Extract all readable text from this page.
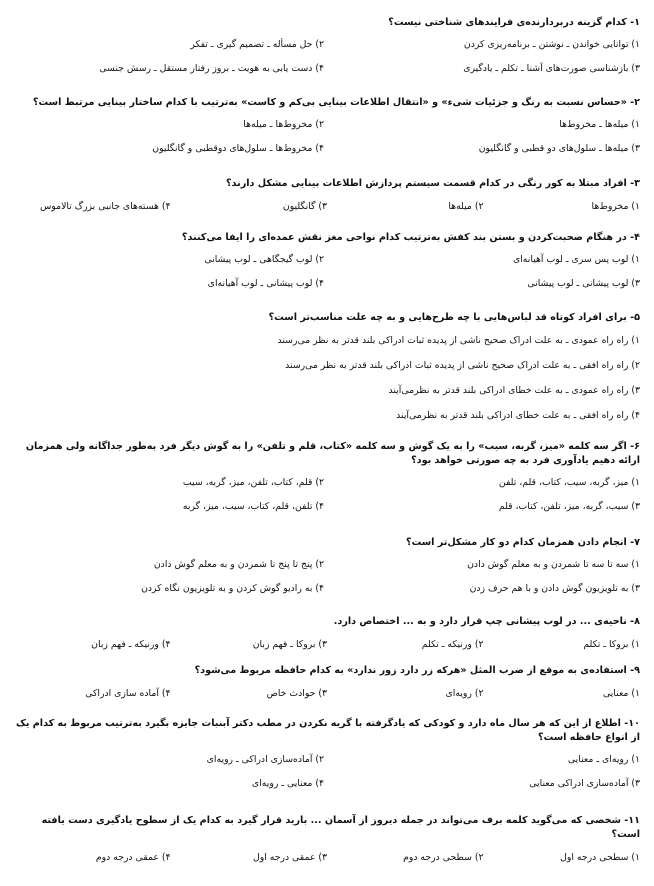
۱- کدام گزینه دربردارنده‌ی فرایندهای شناختی نیست؟

۱) توانایی خواندن ـ نوشتن ـ برنامه‌ریزی کردن
۲) حل مسأله ـ تصمیم گیری ـ تفکر
۳) بازشناسی صورت‌های آشنا ـ تکلم ـ یادگیری
۴) دست یابی به هویت ـ بروز رفتار مستقل ـ رسش جنسی

۲- «حساس نسبت به رنگ و جزئیات شیء» و «انتقال اطلاعات بینایی بی‌کم و کاست» به‌ترتیب با کدام ساختار بینایی مرتبط است؟

۱) میله‌ها ـ مخروط‌ها
۲) مخروط‌ها ـ میله‌ها
۳) میله‌ها ـ سلول‌های دو قطبی و گانگلیون
۴) مخروط‌ها ـ سلول‌های دوقطبی و گانگلیون

۳- افراد مبتلا به کور رنگی در کدام قسمت سیستم پردازش اطلاعات بینایی مشکل دارند؟

۱) مخروط‌ها
۲) میله‌ها
۳) گانگلیون
۴) هسته‌های جانبی بزرگ تالاموس

۴- در هنگام صحبت‌کردن و بستن بند کفش به‌ترتیب کدام نواحی مغز نقش عمده‌ای را ایفا می‌کنند؟

۱) لوب پس سری ـ لوب آهیانه‌ای
۲) لوب گیجگاهی ـ لوب پیشانی
۳) لوب پیشانی ـ لوب پیشانی
۴) لوب پیشانی ـ لوب آهیانه‌ای

۵- برای افراد کوتاه قد لباس‌هایی با چه طرح‌هایی و به چه علت مناسب‌تر است؟

۱) راه راه عمودی ـ به علت ادراک صحیح ناشی از پدیده ثبات ادراکی بلند قدتر به نظر می‌رسند
۲) راه راه افقی ـ به علت ادراک صحیح ناشی از پدیده ثبات ادراکی بلند قدتر به نظر می‌رسند
۳) راه راه عمودی ـ به علت خطای ادراکی بلند قدتر به نظرمی‌آیند
۴) راه راه افقی ـ به علت خطای ادراکی بلند قدتر به نظرمی‌آیند

۶- اگر سه کلمه «میز، گربه، سیب» را به یک گوش و سه کلمه «کتاب، قلم و تلفن» را به گوش دیگر فرد به‌طور جداگانه ولی همزمان ارائه دهیم یادآوری فرد به چه صورتی خواهد بود؟

۱) میز، گربه، سیب، کتاب، قلم، تلفن
۲) قلم، کتاب، تلفن، میز، گربه، سیب
۳) سیب، گربه، میز، تلفن، کتاب، قلم
۴) تلفن، قلم، کتاب، سیب، میز، گربه

۷- انجام دادن همزمان کدام دو کار مشکل‌تر است؟

۱) سه تا سه تا شمردن و به معلم گوش دادن
۲) پنج تا پنج تا شمردن و به معلم گوش دادن
۳) به تلویزیون گوش دادن و با هم حرف زدن
۴) به رادیو گوش کردن و به تلویزیون نگاه کردن

۸- ناحیه‌ی ... در لوب پیشانی چپ قرار دارد و به ... اختصاص دارد.

۱) بروکا ـ تکلم
۲) ورنیکه ـ تکلم
۳) بروکا ـ فهم زبان
۴) ورنیکه ـ فهم زبان

۹- استفاده‌ی به موقع از ضرب المثل «هرکه زر دارد زور ندارد» به کدام حافظه مربوط می‌شود؟

۱) معنایی
۲) رویه‌ای
۳) حوادث خاص
۴) آماده سازی ادراکی

۱۰- اطلاع از این که هر سال ماه دارد و کودکی که یادگرفته با گریه نکردن در مطب دکتر آبنبات جایزه بگیرد به‌ترتیب مربوط به کدام یک از انواع حافظه است؟

۱) رویه‌ای ـ معنایی
۲) آماده‌سازی ادراکی ـ رویه‌ای
۳) آماده‌سازی ادراکی معنایی
۴) معنایی ـ رویه‌ای

۱۱- شخصی که می‌گوید کلمه برف می‌تواند در جمله دیروز از آسمان ... بارید قرار گیرد به کدام یک از سطوح یادگیری دست یافته است؟

۱) سطحی درجه اول
۲) سطحی درجه دوم
۳) عمقی درجه اول
۴) عمقی درجه دوم
